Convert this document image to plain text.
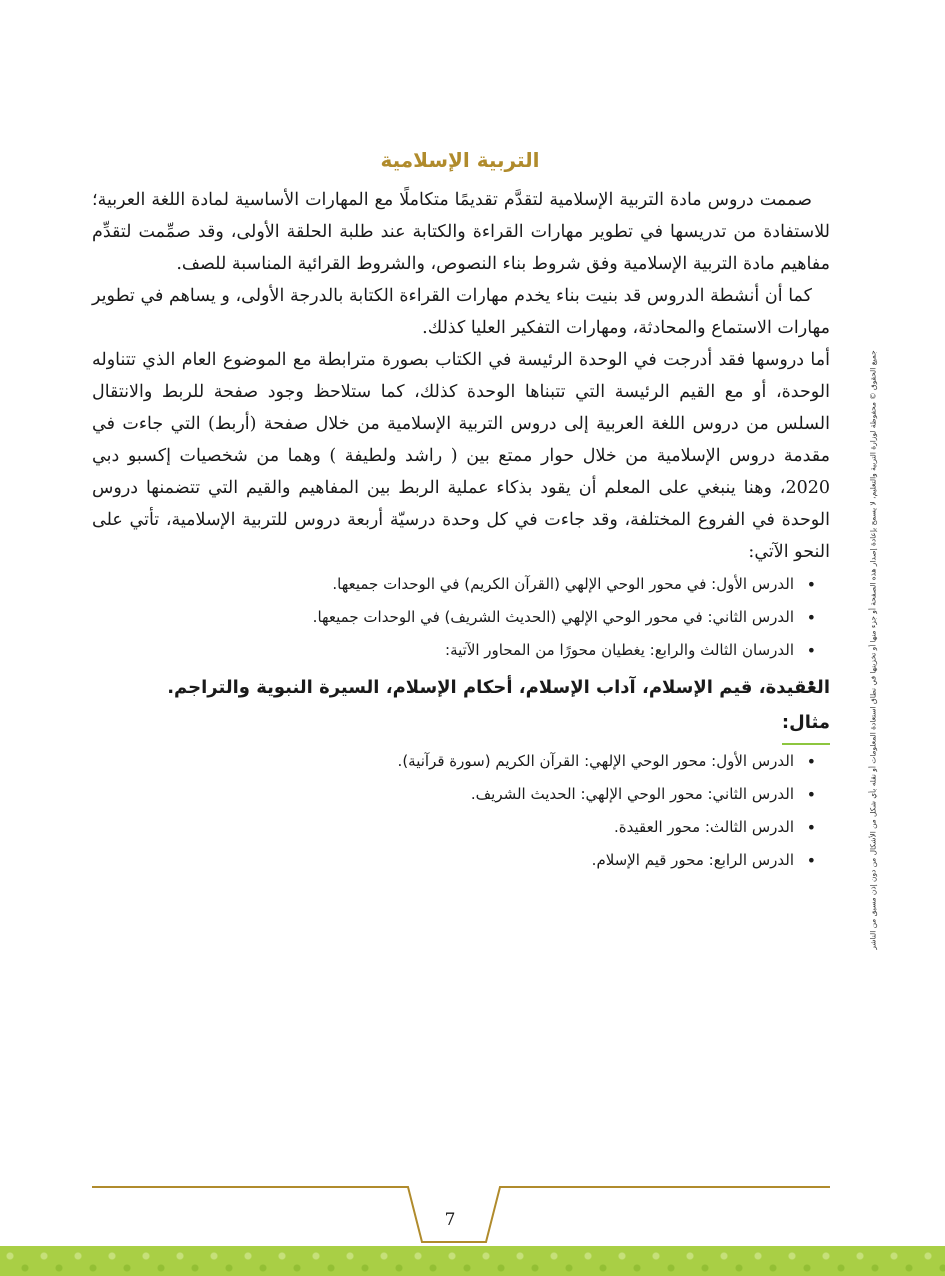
التربية الإسلامية

صممت دروس مادة التربية الإسلامية لتقدَّم تقديمًا متكاملًا مع المهارات الأساسية لمادة اللغة العربية؛ للاستفادة من تدريسها في تطوير مهارات القراءة والكتابة عند طلبة الحلقة الأولى، وقد صمِّمت لتقدِّم مفاهيم مادة التربية الإسلامية وفق شروط بناء النصوص، والشروط القرائية المناسبة للصف.

كما أن أنشطة الدروس قد بنيت بناء يخدم مهارات القراءة الكتابة بالدرجة الأولى، و يساهم في تطوير مهارات الاستماع والمحادثة، ومهارات التفكير العليا كذلك.

أما دروسها فقد أدرجت في الوحدة الرئيسة في الكتاب بصورة مترابطة مع الموضوع العام الذي تتناوله الوحدة، أو مع القيم الرئيسة التي تتبناها الوحدة كذلك، كما ستلاحظ وجود صفحة للربط والانتقال السلس من دروس اللغة العربية إلى دروس التربية الإسلامية من خلال صفحة (أربط) التي جاءت في مقدمة دروس الإسلامية من خلال حوار ممتع بين ( راشد ولطيفة ) وهما من شخصيات إكسبو دبي 2020، وهنا ينبغي على المعلم أن يقود بذكاء عملية الربط بين المفاهيم والقيم التي تتضمنها دروس الوحدة في الفروع المختلفة، وقد جاءت في كل وحدة درسيّة أربعة دروس للتربية الإسلامية، تأتي على النحو الآتي:

• الدرس الأول: في محور الوحي الإلهي (القرآن الكريم) في الوحدات جميعها.
• الدرس الثاني: في محور الوحي الإلهي (الحديث الشريف) في الوحدات جميعها.
• الدرسان الثالث والرابع: يغطيان محورًا من المحاور الآتية:
العقيدة، قيم الإسلام، آداب الإسلام، أحكام الإسلام، السيرة النبوية والتراجم.
مثال:
• الدرس الأول: محور الوحي الإلهي: القرآن الكريم (سورة قرآنية).
• الدرس الثاني: محور الوحي الإلهي: الحديث الشريف.
• الدرس الثالث: محور العقيدة.
• الدرس الرابع: محور قيم الإسلام.	جميع الحقوق © محفوظة لوزارة التربية والتعليم، لا يسمح بإعادة إصدار هذه الصفحة أو جزء منها أو تخزينها في نطاق استعادة المعلومات أو نقله بأي شكل من الأشكال من دون إذن مسبق من الناشر
7
